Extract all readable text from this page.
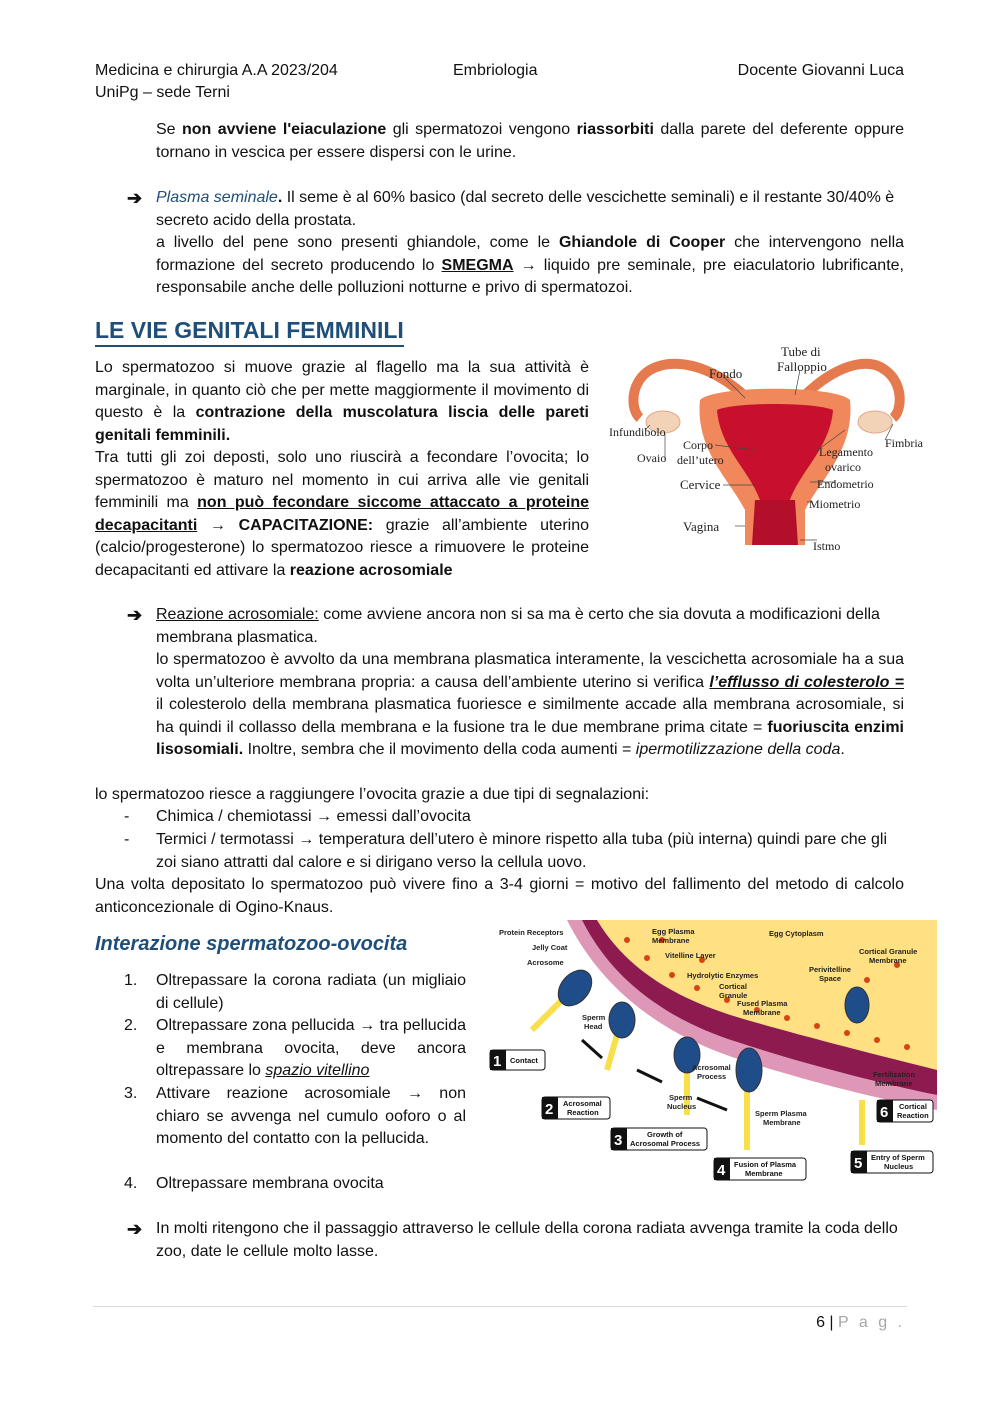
Medicina e chirurgia A.A 2023/204
UniPg – sede Terni
Embriologia	Docente Giovanni Luca

Se non avviene l'eiaculazione gli spermatozoi vengono riassorbiti dalla parete del deferente oppure tornano in vescica per essere dispersi con le urine.

➔ Plasma seminale. Il seme è al 60% basico (dal secreto delle vescichette seminali) e il restante 30/40% è secreto acido della prostata.

a livello del pene sono presenti ghiandole, come le Ghiandole di Cooper che intervengono nella formazione del secreto producendo lo SMEGMA → liquido pre seminale, pre eiaculatorio lubrificante, responsabile anche delle polluzioni notturne e privo di spermatozoi.

LE VIE GENITALI FEMMINILI

Lo spermatozoo si muove grazie al flagello ma la sua attività è marginale, in quanto ciò che per mette maggiormente il movimento di questo è la contrazione della muscolatura liscia delle pareti genitali femminili.

Tra tutti gli zoi deposti, solo uno riuscirà a fecondare l’ovocita; lo spermatozoo è maturo nel momento in cui arriva alle vie genitali femminili ma non può fecondare siccome attaccato a proteine decapacitanti → CAPACITAZIONE: grazie all’ambiente uterino (calcio/progesterone) lo spermatozoo riesce a rimuovere le proteine decapacitanti ed attivare la reazione acrosomiale

Tube di
Falloppio
Fondo
Infundibolo
Fimbria
Corpo
dell’utero
Ovaio	Legamento
ovarico
Cervice	Endometrio
Miometrio
Vagina
Istmo
➔ Reazione acrosomiale: come avviene ancora non si sa ma è certo che sia dovuta a modificazioni della membrana plasmatica.

lo spermatozoo è avvolto da una membrana plasmatica interamente, la vescichetta acrosomiale ha a sua volta un’ulteriore membrana propria: a causa dell’ambiente uterino si verifica l’efflusso di colesterolo = il colesterolo della membrana plasmatica fuoriesce e similmente accade alla membrana acrosomiale, si ha quindi il collasso della membrana e la fusione tra le due membrane prima citate = fuoriuscita enzimi lisosomiali. Inoltre, sembra che il movimento della coda aumenti = ipermotilizzazione della coda.

lo spermatozoo riesce a raggiungere l’ovocita grazie a due tipi di segnalazioni:

- Chimica / chemiotassi → emessi dall’ovocita

- Termici / termotassi → temperatura dell’utero è minore rispetto alla tuba (più interna) quindi pare che gli zoi siano attratti dal calore e si dirigano verso la cellula uovo.

Una volta depositato lo spermatozoo può vivere fino a 3-4 giorni = motivo del fallimento del metodo di calcolo anticoncezionale di Ogino-Knaus.

Interazione spermatozoo-ovocita
1. Oltrepassare la corona radiata (un migliaio di cellule)

2. Oltrepassare zona pellucida → tra pellucida e membrana ovocita, deve ancora oltrepassare lo spazio vitellino

3. Attivare reazione acrosomiale → non chiaro se avvenga nel cumulo ooforo o al momento del contatto con la pellucida.

4. Oltrepassare membrana ovocita

Protein Receptors
Jelly Coat
Acrosome
Egg Plasma
Membrane
Vitelline Layer
Egg Cytoplasm
Cortical Granule
Membrane
Hydrolytic Enzymes
Cortical
Granule
Perivitelline
Space
Fused Plasma
Membrane
Sperm
Head
Acrosomal
Process
Sperm
Nucleus
Sperm Plasma
Membrane
Fertilization
Membrane
1 Contact
2 Acrosomal
Reaction
3	Growth of
Acrosomal Process
4 Fusion of Plasma
Membrane
5 Entry of Sperm
Nucleus
6 Cortical
Reaction
➔ In molti ritengono che il passaggio attraverso le cellule della corona radiata avvenga tramite la coda dello zoo, date le cellule molto lasse.

6 | P a g .
